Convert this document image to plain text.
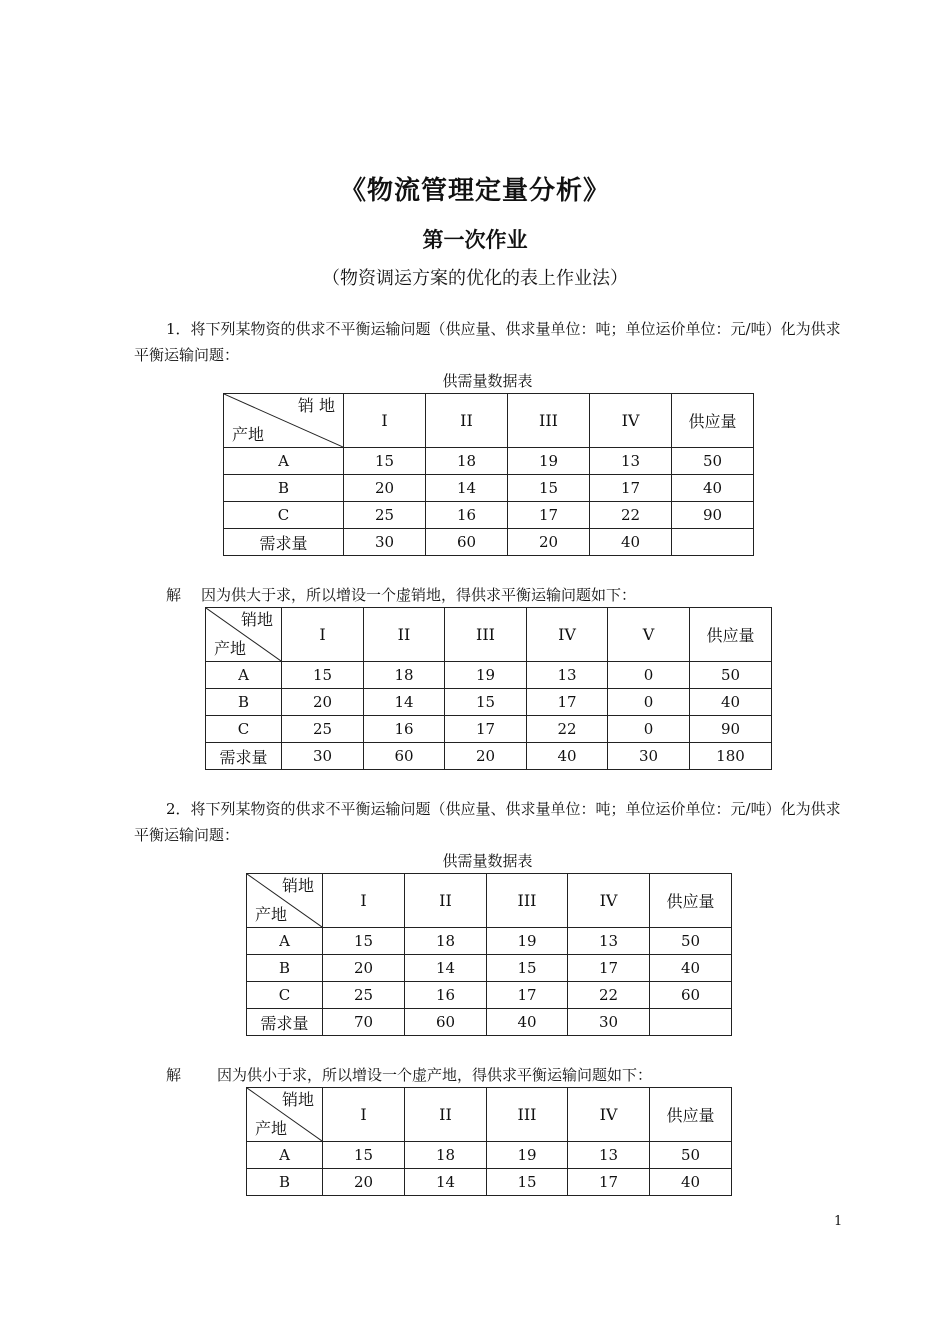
《物流管理定量分析》
第一次作业
（物资调运方案的优化的表上作业法）
1．将下列某物资的供求不平衡运输问题（供应量、供求量单位：吨；单位运价单位：元/吨）化为供求平衡运输问题：
供需量数据表
销 地
产地	I	II	III	IV	供应量
A	15	18	19	13	50
B	20	14	15	17	40
C	25	16	17	22	90
需求量	30	60	20	40	
解 因为供大于求，所以增设一个虚销地，得供求平衡运输问题如下：
销地
产地	I	II	III	IV	V	供应量
A	15	18	19	13	0	50
B	20	14	15	17	0	40
C	25	16	17	22	0	90
需求量	30	60	20	40	30	180
2．将下列某物资的供求不平衡运输问题（供应量、供求量单位：吨；单位运价单位：元/吨）化为供求平衡运输问题：
供需量数据表
销地
产地	I	II	III	IV	供应量
A	15	18	19	13	50
B	20	14	15	17	40
C	25	16	17	22	60
需求量	70	60	40	30	
解 因为供小于求，所以增设一个虚产地，得供求平衡运输问题如下：
销地
产地	I	II	III	IV	供应量
A	15	18	19	13	50
B	20	14	15	17	40
1
